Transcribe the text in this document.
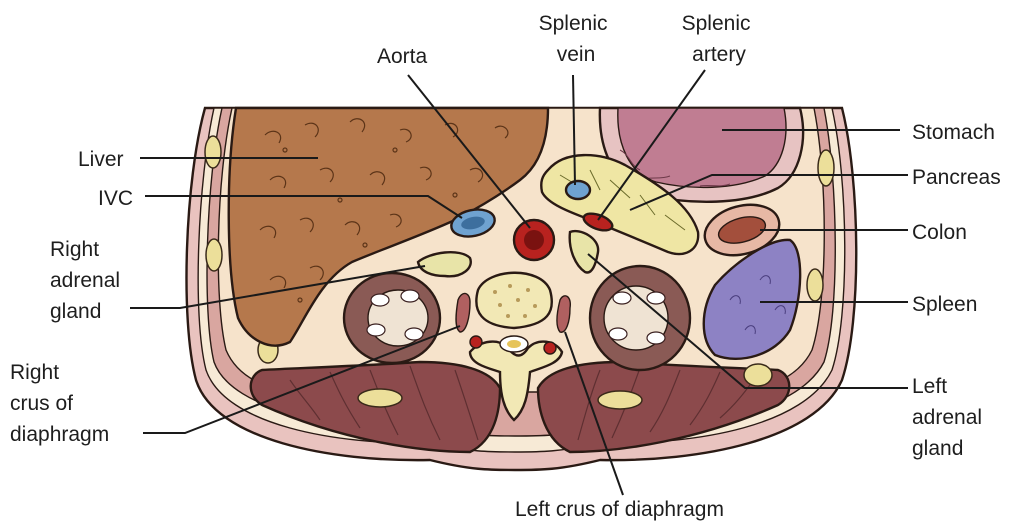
Liver
IVC
Right adrenal gland
Right crus of diaphragm
Aorta
Splenic vein
Splenic artery
Stomach
Pancreas
Colon
Spleen
Left adrenal gland
Left crus of diaphragm
